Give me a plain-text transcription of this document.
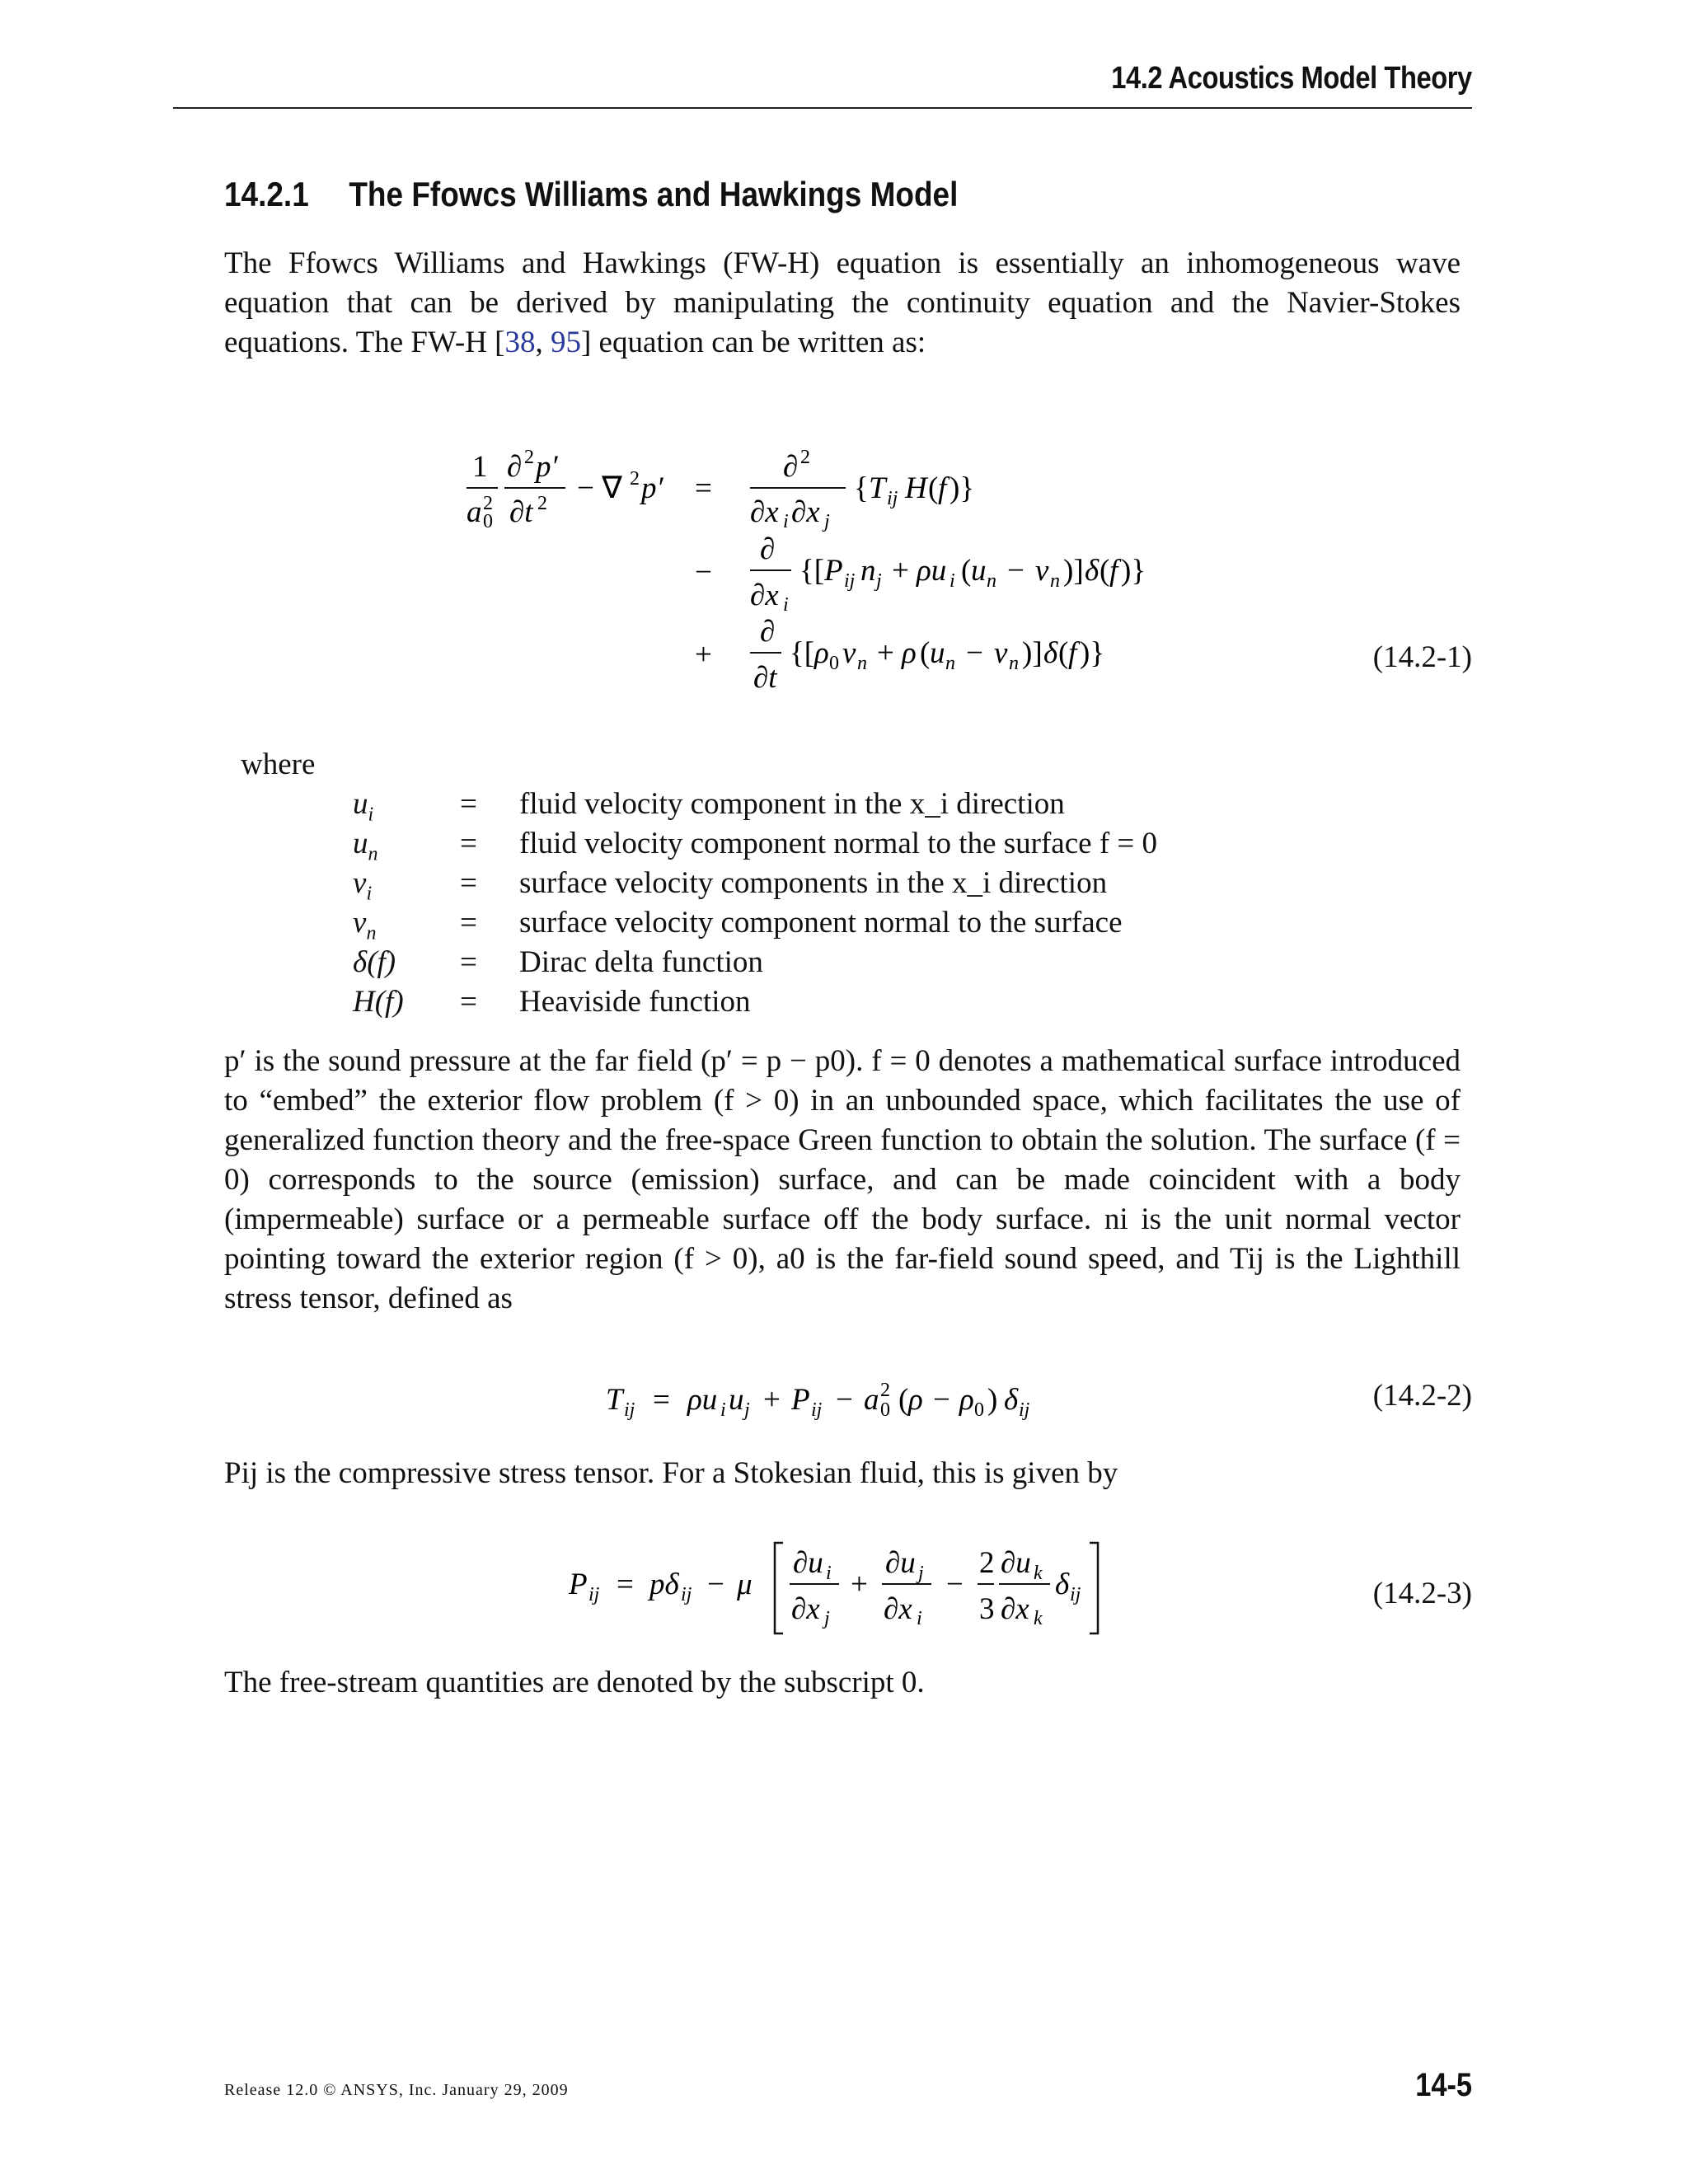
14.2 Acoustics Model Theory
14.2.1 The Ffowcs Williams and Hawkings Model
The Ffowcs Williams and Hawkings (FW-H) equation is essentially an inhomogeneous wave equation that can be derived by manipulating the continuity equation and the Navier-Stokes equations. The FW-H [38, 95] equation can be written as:
1
a 2
0
∂ 2 p′
∂t 2 − ∇ 2 p′ =
∂ 2
∂x i ∂x j
{ T ij H ( f )}
−
∂
∂x i
{[ P ij n j + ρu i ( u n − v n )] δ ( f )}
+
∂
∂t
{[ ρ 0 v n + ρ ( u n − v n )] δ ( f )}	(14.2-1)
where
$u_i$	= fluid velocity component in the x_i direction
$u_n$	= fluid velocity component normal to the surface f = 0
$v_i$	= surface velocity components in the x_i direction
$v_n$	= surface velocity component normal to the surface
δ(f) = Dirac delta function
H(f) = Heaviside function
p′ is the sound pressure at the far field (p′ = p − p0). f = 0 denotes a mathematical surface introduced to “embed” the exterior flow problem (f > 0) in an unbounded space, which facilitates the use of generalized function theory and the free-space Green function to obtain the solution. The surface (f = 0) corresponds to the source (emission) surface, and can be made coincident with a body (impermeable) surface or a permeable surface off the body surface. ni is the unit normal vector pointing toward the exterior region (f > 0), a0 is the far-field sound speed, and Tij is the Lighthill stress tensor, defined as
T ij = ρu i u j + P ij − a 2
0 ( ρ − ρ 0 ) δ ij	(14.2-2)
Pij is the compressive stress tensor. For a Stokesian fluid, this is given by
P ij = pδ ij − μ
∂u i
∂x j
+
∂u j
∂x i
−
2
3
∂u k
∂x k
δ ij	(14.2-3)
The free-stream quantities are denoted by the subscript 0.
Release 12.0 © ANSYS, Inc. January 29, 2009	14-5
